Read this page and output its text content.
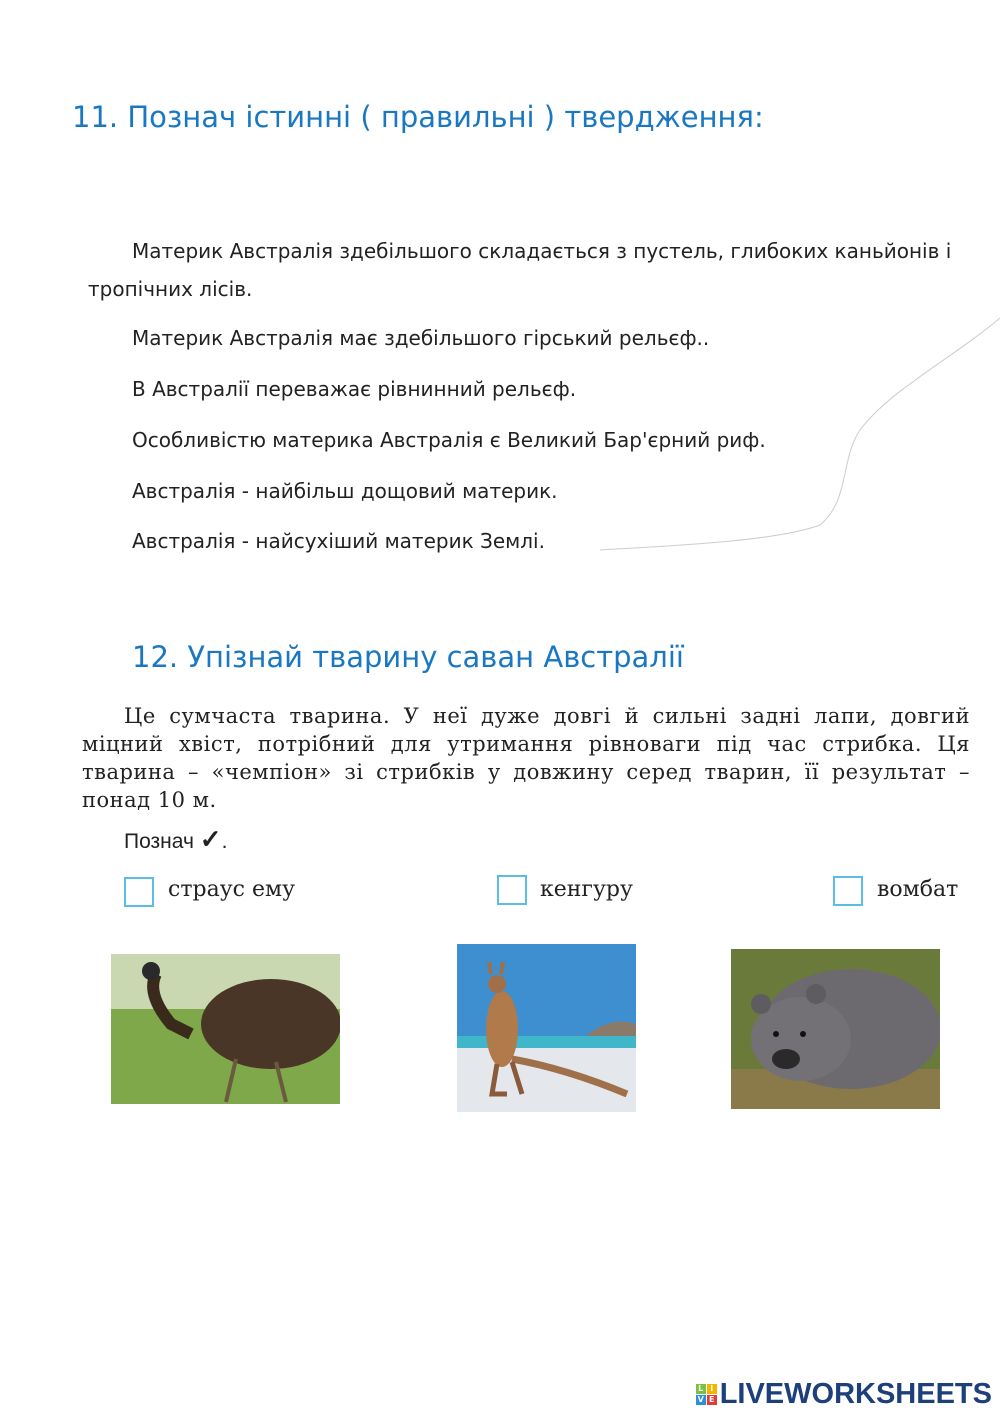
11. Познач істинні ( правильні ) твердження:
Материк Австралія здебільшого складається з пустель, глибоких каньйонів і
тропічних лісів.
Материк Австралія має здебільшого гірський рельєф..
В Австралії переважає рівнинний рельєф.
Особливістю материка Австралія є Великий Бар'єрний риф.
Австралія - найбільш дощовий материк.
Австралія - найсухіший материк Землі.
12. Упізнай тварину саван Австралії
Це сумчаста тварина. У неї дуже довгі й сильні задні лапи, довгий міцний хвіст, потрібний для утримання рівноваги під час стрибка. Ця тварина – «чемпіон» зі стрибків у довжину серед тварин, її результат – понад 10 м.
Познач ✓.
страус ему	кенгуру	вомбат
L I
V E LIVEWORKSHEETS
